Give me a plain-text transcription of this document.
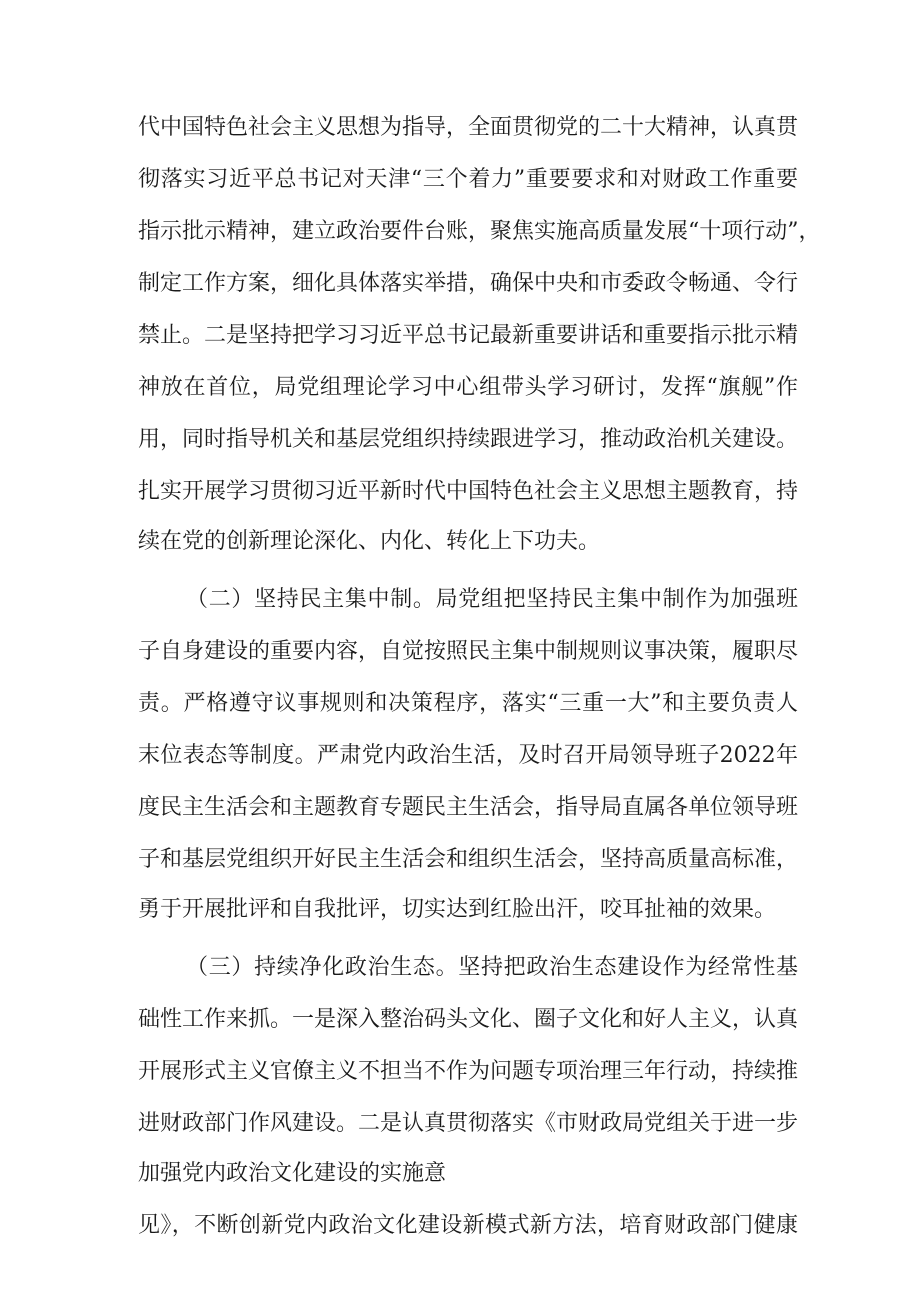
代中国特色社会主义思想为指导，全面贯彻党的二十大精神，认真贯
彻落实习近平总书记对天津“三个着力”重要要求和对财政工作重要
指示批示精神，建立政治要件台账，聚焦实施高质量发展“十项行动”，
制定工作方案，细化具体落实举措，确保中央和市委政令畅通、令行
禁止。二是坚持把学习习近平总书记最新重要讲话和重要指示批示精
神放在首位，局党组理论学习中心组带头学习研讨，发挥“旗舰”作
用，同时指导机关和基层党组织持续跟进学习，推动政治机关建设。
扎实开展学习贯彻习近平新时代中国特色社会主义思想主题教育，持
续在党的创新理论深化、内化、转化上下功夫。
（二）坚持民主集中制。局党组把坚持民主集中制作为加强班
子自身建设的重要内容，自觉按照民主集中制规则议事决策，履职尽
责。严格遵守议事规则和决策程序，落实“三重一大”和主要负责人
末位表态等制度。严肃党内政治生活，及时召开局领导班子2022年
度民主生活会和主题教育专题民主生活会，指导局直属各单位领导班
子和基层党组织开好民主生活会和组织生活会，坚持高质量高标准，
勇于开展批评和自我批评，切实达到红脸出汗，咬耳扯袖的效果。
（三）持续净化政治生态。坚持把政治生态建设作为经常性基
础性工作来抓。一是深入整治码头文化、圈子文化和好人主义，认真
开展形式主义官僚主义不担当不作为问题专项治理三年行动，持续推
进财政部门作风建设。二是认真贯彻落实《市财政局党组关于进一步
加强党内政治文化建设的实施意
见》，不断创新党内政治文化建设新模式新方法，培育财政部门健康
